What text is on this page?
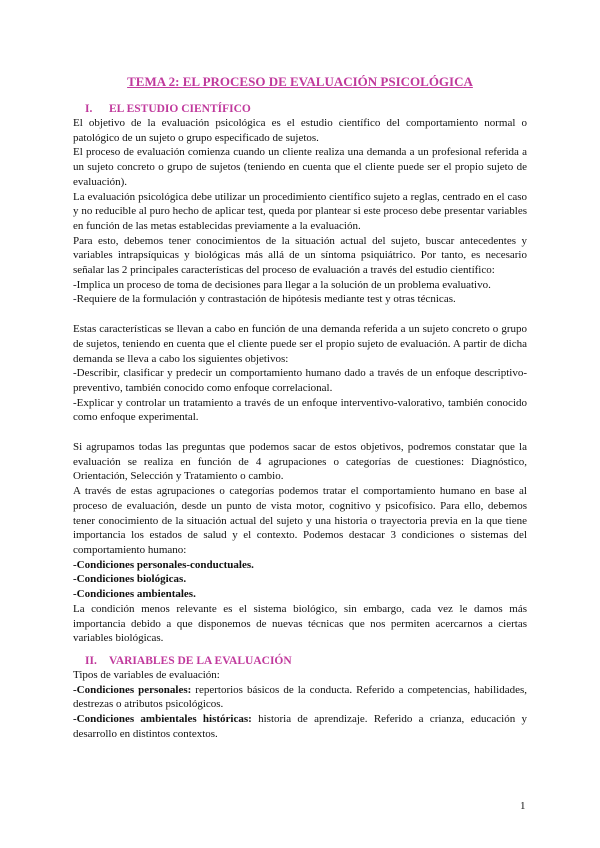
TEMA 2: EL PROCESO DE EVALUACIÓN PSICOLÓGICA
I. EL ESTUDIO CIENTÍFICO

El objetivo de la evaluación psicológica es el estudio científico del comportamiento normal o patológico de un sujeto o grupo especificado de sujetos.

El proceso de evaluación comienza cuando un cliente realiza una demanda a un profesional referida a un sujeto concreto o grupo de sujetos (teniendo en cuenta que el cliente puede ser el propio sujeto de evaluación).

La evaluación psicológica debe utilizar un procedimiento científico sujeto a reglas, centrado en el caso y no reducible al puro hecho de aplicar test, queda por plantear si este proceso debe presentar variables en función de las metas establecidas previamente a la evaluación.

Para esto, debemos tener conocimientos de la situación actual del sujeto, buscar antecedentes y variables intrapsíquicas y biológicas más allá de un síntoma psiquiátrico. Por tanto, es necesario señalar las 2 principales características del proceso de evaluación a través del estudio científico:

-Implica un proceso de toma de decisiones para llegar a la solución de un problema evaluativo.

-Requiere de la formulación y contrastación de hipótesis mediante test y otras técnicas.

Estas características se llevan a cabo en función de una demanda referida a un sujeto concreto o grupo de sujetos, teniendo en cuenta que el cliente puede ser el propio sujeto de evaluación. A partir de dicha demanda se lleva a cabo los siguientes objetivos:

-Describir, clasificar y predecir un comportamiento humano dado a través de un enfoque descriptivo-preventivo, también conocido como enfoque correlacional.

-Explicar y controlar un tratamiento a través de un enfoque interventivo-valorativo, también conocido como enfoque experimental.

Si agrupamos todas las preguntas que podemos sacar de estos objetivos, podremos constatar que la evaluación se realiza en función de 4 agrupaciones o categorías de cuestiones: Diagnóstico, Orientación, Selección y Tratamiento o cambio.

A través de estas agrupaciones o categorías podemos tratar el comportamiento humano en base al proceso de evaluación, desde un punto de vista motor, cognitivo y psicofísico. Para ello, debemos tener conocimiento de la situación actual del sujeto y una historia o trayectoria previa en la que tiene importancia los estados de salud y el contexto. Podemos destacar 3 condiciones o sistemas del comportamiento humano:

-Condiciones personales-conductuales.

-Condiciones biológicas.

-Condiciones ambientales.

La condición menos relevante es el sistema biológico, sin embargo, cada vez le damos más importancia debido a que disponemos de nuevas técnicas que nos permiten acercarnos a ciertas variables biológicas.

II. VARIABLES DE LA EVALUACIÓN

Tipos de variables de evaluación:

-Condiciones personales: repertorios básicos de la conducta. Referido a competencias, habilidades, destrezas o atributos psicológicos.

-Condiciones ambientales históricas: historia de aprendizaje. Referido a crianza, educación y desarrollo en distintos contextos.

1
